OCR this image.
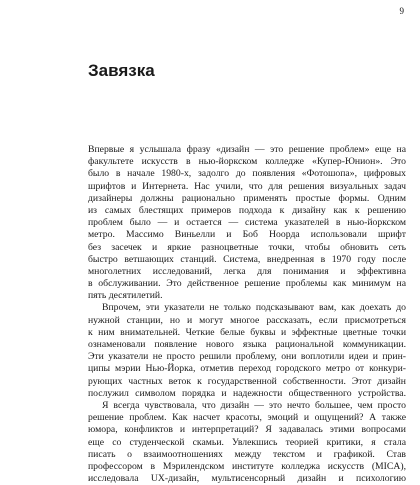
9
Завязка
Впервые я услышала фразу «дизайн — это решение проблем» еще на
факультете искусств в нью-йоркском колледже «Купер-Юнион». Это
было в начале 1980-х, задолго до появления «Фотошопа», цифровых
шрифтов и Интернета. Нас учили, что для решения визуальных задач
дизайнеры должны рационально применять простые формы. Одним
из самых блестящих примеров подхода к дизайну как к решению
проблем было — и остается — система указателей в нью-йоркском
метро. Массимо Виньелли и Боб Ноорда использовали шрифт
без засечек и яркие разноцветные точки, чтобы обновить сеть
быстро ветшающих станций. Система, внедренная в 1970 году после
многолетних исследований, легка для понимания и эффективна
в обслуживании. Это действенное решение проблемы как минимум на
пять десятилетий.
Впрочем, эти указатели не только подсказывают вам, как доехать до
нужной станции, но и могут многое рассказать, если присмотреться
к ним внимательней. Четкие белые буквы и эффектные цветные точки
ознаменовали появление нового языка рациональной коммуникации.
Эти указатели не просто решили проблему, они воплотили идеи и прин-
ципы мэрии Нью-Йорка, отметив переход городского метро от конкури-
рующих частных веток к государственной собственности. Этот дизайн
послужил символом порядка и надежности общественного устройства.
Я всегда чувствовала, что дизайн — это нечто большее, чем просто
решение проблем. Как насчет красоты, эмоций и ощущений? А также
юмора, конфликтов и интерпретаций? Я задавалась этими вопросами
еще со студенческой скамьи. Увлекшись теорией критики, я стала
писать о взаимоотношениях между текстом и графикой. Став
профессором в Мэрилендском институте колледжа искусств (MICA),
исследовала UX-дизайн, мультисенсорный дизайн и психологию
